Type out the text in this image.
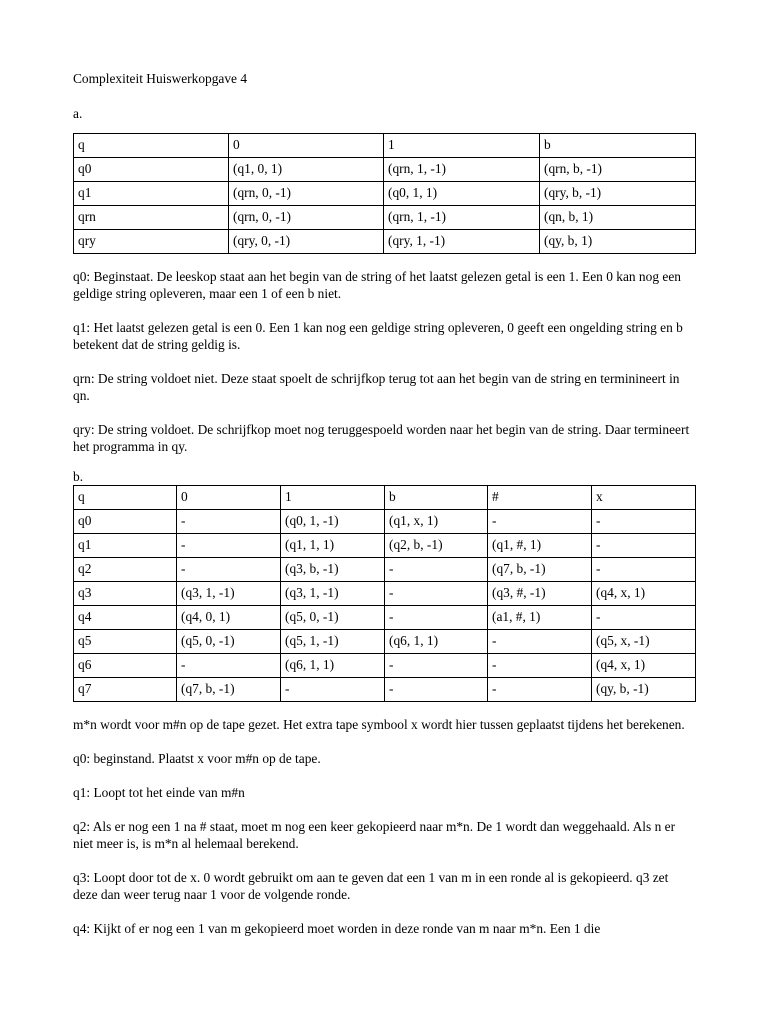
Complexiteit Huiswerkopgave 4

a.

q	0	1	b
q0	(q1, 0, 1)	(qrn, 1, -1)	(qrn, b, -1)
q1	(qrn, 0, -1)	(q0, 1, 1)	(qry, b, -1)
qrn	(qrn, 0, -1)	(qrn, 1, -1)	(qn, b, 1)
qry	(qry, 0, -1)	(qry, 1, -1)	(qy, b, 1)

q0: Beginstaat. De leeskop staat aan het begin van de string of het laatst gelezen getal is een 1. Een 0 kan nog een geldige string opleveren, maar een 1 of een b niet.

q1: Het laatst gelezen getal is een 0. Een 1 kan nog een geldige string opleveren, 0 geeft een ongelding string en b betekent dat de string geldig is.

qrn: De string voldoet niet. Deze staat spoelt de schrijfkop terug tot aan het begin van de string en terminineert in qn.

qry: De string voldoet. De schrijfkop moet nog teruggespoeld worden naar het begin van de string. Daar termineert het programma in qy.

b.

q	0	1	b	#	x
q0	-	(q0, 1, -1)	(q1, x, 1)	-	-
q1	-	(q1, 1, 1)	(q2, b, -1)	(q1, #, 1)	-
q2	-	(q3, b, -1)	-	(q7, b, -1)	-
q3	(q3, 1, -1)	(q3, 1, -1)	-	(q3, #, -1)	(q4, x, 1)
q4	(q4, 0, 1)	(q5, 0, -1)	-	(a1, #, 1)	-
q5	(q5, 0, -1)	(q5, 1, -1)	(q6, 1, 1)	-	(q5, x, -1)
q6	-	(q6, 1, 1)	-	-	(q4, x, 1)
q7	(q7, b, -1)	-	-	-	(qy, b, -1)

m*n wordt voor m#n op de tape gezet. Het extra tape symbool x wordt hier tussen geplaatst tijdens het berekenen.

q0: beginstand. Plaatst x voor m#n op de tape.

q1: Loopt tot het einde van m#n

q2: Als er nog een 1 na # staat, moet m nog een keer gekopieerd naar m*n. De 1 wordt dan weggehaald. Als n er niet meer is, is m*n al helemaal berekend.

q3: Loopt door tot de x. 0 wordt gebruikt om aan te geven dat een 1 van m in een ronde al is gekopieerd. q3 zet deze dan weer terug naar 1 voor de volgende ronde.

q4: Kijkt of er nog een 1 van m gekopieerd moet worden in deze ronde van m naar m*n. Een 1 die
